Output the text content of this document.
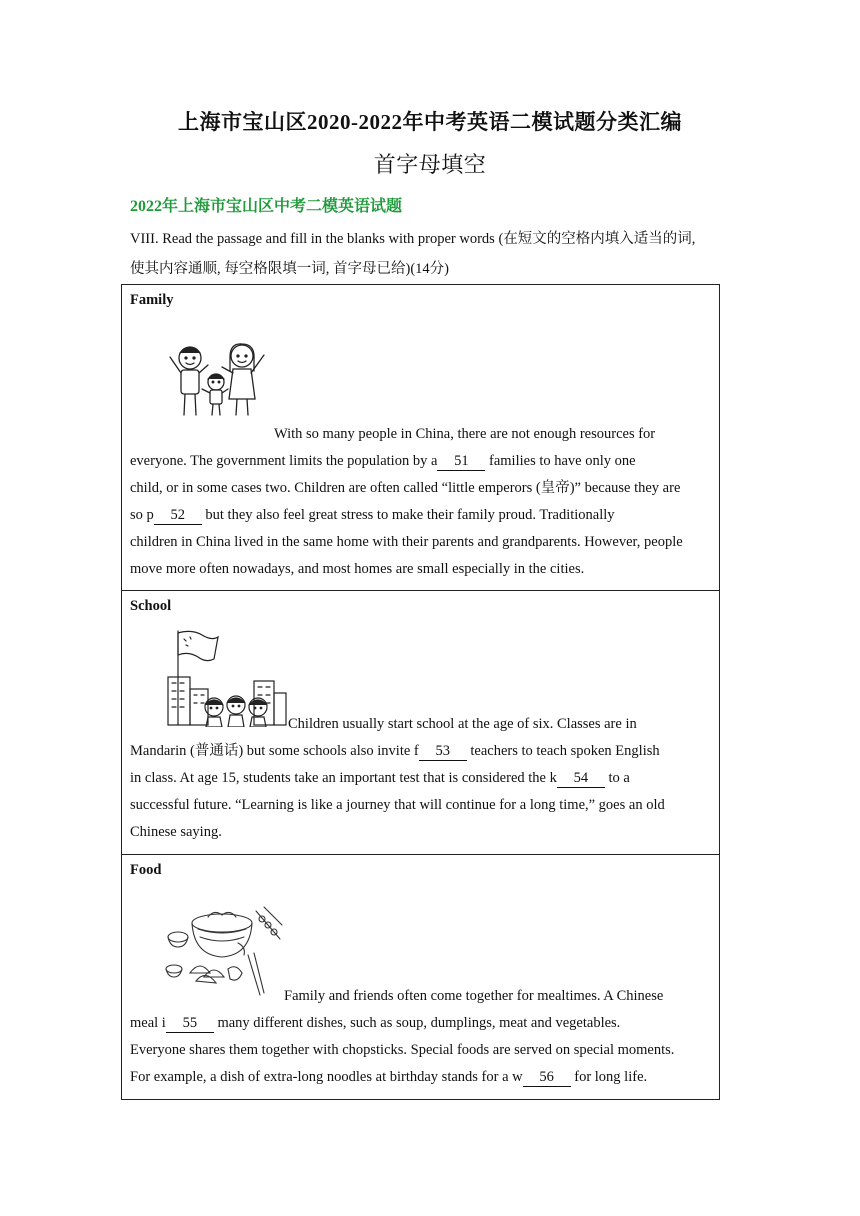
上海市宝山区2020-2022年中考英语二模试题分类汇编
首字母填空
2022年上海市宝山区中考二模英语试题
VIII. Read the passage and fill in the blanks with proper words (在短文的空格内填入适当的词,
使其内容通顺, 每空格限填一词, 首字母已给)(14分)
Family
With so many people in China, there are not enough resources for
everyone. The government limits the population by a 51 families to have only one
child, or in some cases two. Children are often called “little emperors (皇帝)” because they are
so p 52 but they also feel great stress to make their family proud. Traditionally
children in China lived in the same home with their parents and grandparents. However, people
move more often nowadays, and most homes are small especially in the cities.
School
Children usually start school at the age of six. Classes are in
Mandarin (普通话) but some schools also invite f 53 teachers to teach spoken English
in class. At age 15, students take an important test that is considered the k 54 to a
successful future. “Learning is like a journey that will continue for a long time,” goes an old
Chinese saying.
Food
Family and friends often come together for mealtimes. A Chinese
meal i 55 many different dishes, such as soup, dumplings, meat and vegetables.
Everyone shares them together with chopsticks. Special foods are served on special moments.
For example, a dish of extra-long noodles at birthday stands for a w 56 for long life.
